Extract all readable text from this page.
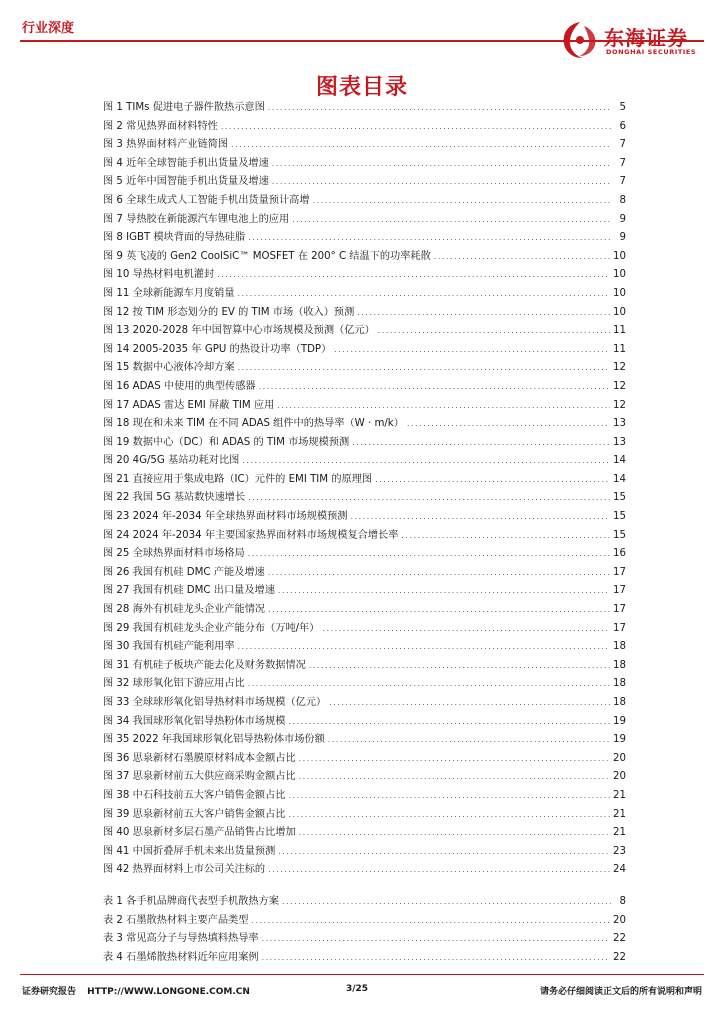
行业深度	东海证券
DONGHAI SECURITIES
图表目录
图 1 TIMs 促进电子器件散热示意图 .....	5
图 2 常见热界面材料特性 .....	6
图 3 热界面材料产业链简图 .....	7
图 4 近年全球智能手机出货量及增速 .....	7
图 5 近年中国智能手机出货量及增速 .....	7
图 6 全球生成式人工智能手机出货量预计高增 .....	8
图 7 导热胶在新能源汽车锂电池上的应用 .....	9
图 8 IGBT 模块背面的导热硅脂 .....	9
图 9 英飞凌的 Gen2 CoolSiC™ MOSFET 在 200° C 结温下的功率耗散 .....	10
图 10 导热材料电机灌封 .....	10
图 11 全球新能源车月度销量 .....	10
图 12 按 TIM 形态划分的 EV 的 TIM 市场（收入）预测 .....	10
图 13 2020-2028 年中国智算中心市场规模及预测（亿元） .....	11
图 14 2005-2035 年 GPU 的热设计功率（TDP） .....	11
图 15 数据中心液体冷却方案 .....	12
图 16 ADAS 中使用的典型传感器 .....	12
图 17 ADAS 雷达 EMI 屏蔽 TIM 应用 .....	12
图 18 现在和未来 TIM 在不同 ADAS 组件中的热导率（W · m/k） .....	13
图 19 数据中心（DC）和 ADAS 的 TIM 市场规模预测 .....	13
图 20 4G/5G 基站功耗对比图 .....	14
图 21 直接应用于集成电路（IC）元件的 EMI TIM 的原理图 .....	14
图 22 我国 5G 基站数快速增长 .....	15
图 23 2024 年-2034 年全球热界面材料市场规模预测 .....	15
图 24 2024 年-2034 年主要国家热界面材料市场规模复合增长率 .....	15
图 25 全球热界面材料市场格局 .....	16
图 26 我国有机硅 DMC 产能及增速 .....	17
图 27 我国有机硅 DMC 出口量及增速 .....	17
图 28 海外有机硅龙头企业产能情况 .....	17
图 29 我国有机硅龙头企业产能分布（万吨/年） .....	17
图 30 我国有机硅产能利用率 .....	18
图 31 有机硅子板块产能去化及财务数据情况 .....	18
图 32 球形氧化铝下游应用占比 .....	18
图 33 全球球形氧化铝导热材料市场规模（亿元） .....	18
图 34 我国球形氧化铝导热粉体市场规模 .....	19
图 35 2022 年我国球形氧化铝导热粉体市场份额 .....	19
图 36 思泉新材石墨膜原材料成本金额占比 .....	20
图 37 思泉新材前五大供应商采购金额占比 .....	20
图 38 中石科技前五大客户销售金额占比 .....	21
图 39 思泉新材前五大客户销售金额占比 .....	21
图 40 思泉新材多层石墨产品销售占比增加 .....	21
图 41 中国折叠屏手机未来出货量预测 .....	23
图 42 热界面材料上市公司关注标的 .....	24
表 1 各手机品牌商代表型手机散热方案 .....	8
表 2 石墨散热材料主要产品类型 .....	20
表 3 常见高分子与导热填料热导率 .....	22
表 4 石墨烯散热材料近年应用案例 .....	22
证券研究报告 HTTP://WWW.LONGONE.COM.CN	3/25	请务必仔细阅读正文后的所有说明和声明
